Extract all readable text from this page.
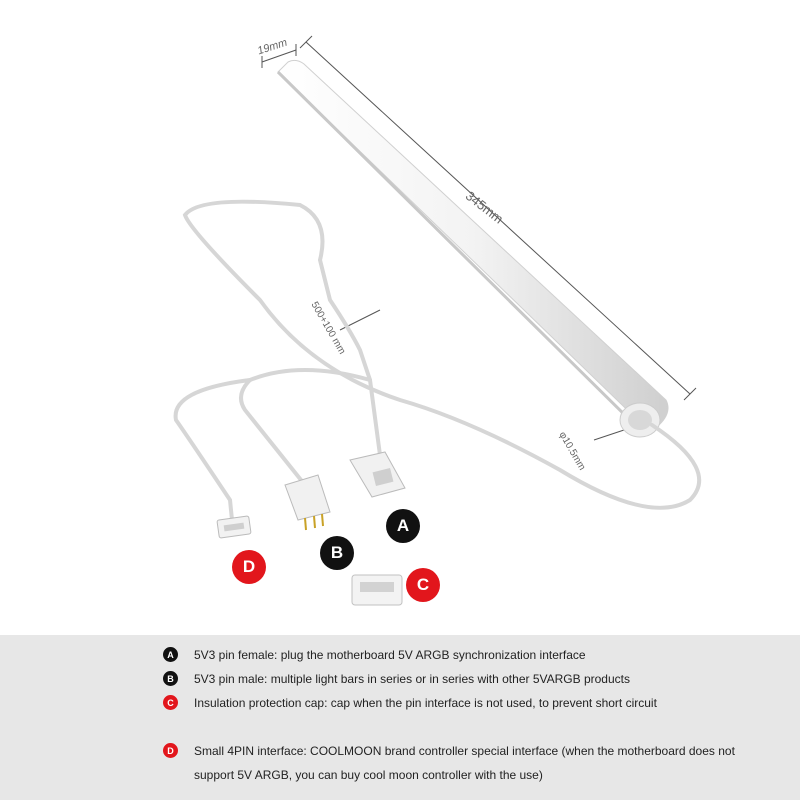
19mm
345mm
500+100 mm
φ10.5mm
A
B
C
D
A	5V3 pin female: plug the motherboard 5V ARGB synchronization interface
B	5V3 pin male: multiple light bars in series or in series with other 5VARGB products
C	Insulation protection cap: cap when the pin interface is not used, to prevent short circuit
D	Small 4PIN interface: COOLMOON brand controller special interface (when the motherboard does not support 5V ARGB, you can buy cool moon controller with the use)
